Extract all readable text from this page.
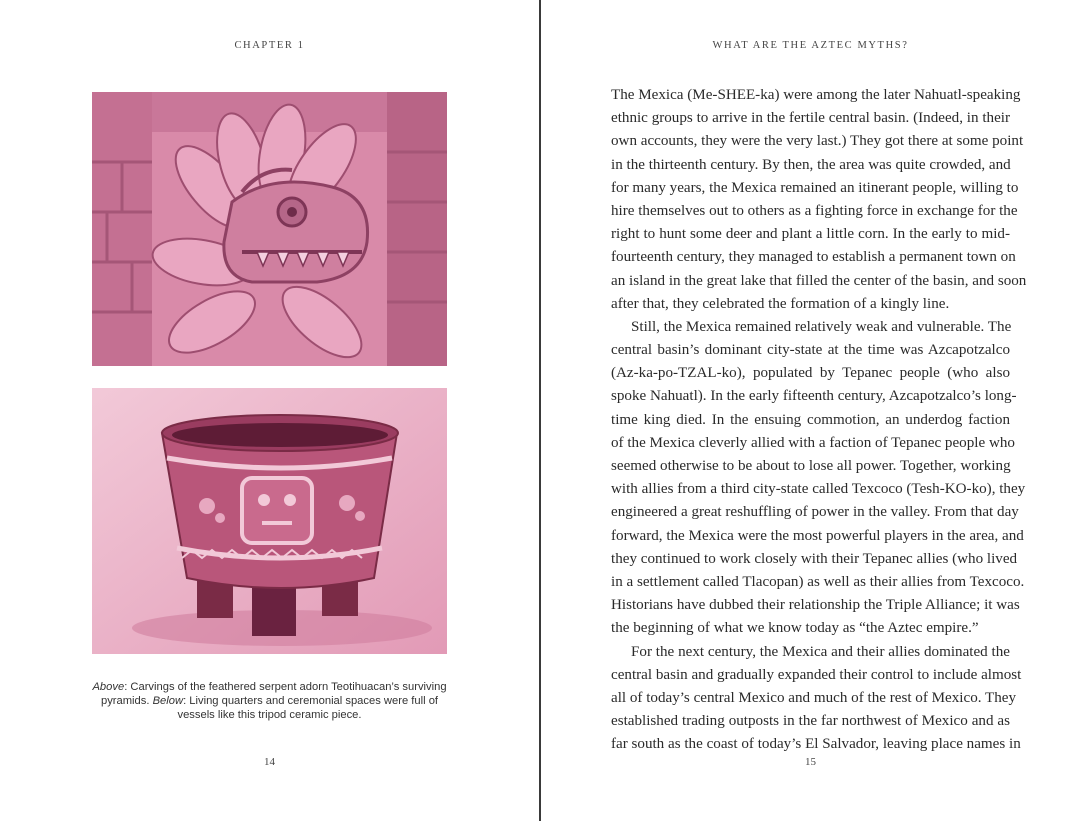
CHAPTER 1
Above: Carvings of the feathered serpent adorn Teotihuacan’s surviving pyramids. Below: Living quarters and ceremonial spaces were full of vessels like this tripod ceramic piece.
14
WHAT ARE THE AZTEC MYTHS?
The Mexica (Me-SHEE-ka) were among the later Nahuatl-speaking
ethnic groups to arrive in the fertile central basin. (Indeed, in their
own accounts, they were the very last.) They got there at some point
in the thirteenth century. By then, the area was quite crowded, and
for many years, the Mexica remained an itinerant people, willing to
hire themselves out to others as a fighting force in exchange for the
right to hunt some deer and plant a little corn. In the early to mid-
fourteenth century, they managed to establish a permanent town on
an island in the great lake that filled the center of the basin, and soon
after that, they celebrated the formation of a kingly line.
Still, the Mexica remained relatively weak and vulnerable. The
central basin’s dominant city-state at the time was Azcapotzalco
(Az-ka-po-TZAL-ko), populated by Tepanec people (who also
spoke Nahuatl). In the early fifteenth century, Azcapotzalco’s long-
time king died. In the ensuing commotion, an underdog faction
of the Mexica cleverly allied with a faction of Tepanec people who
seemed otherwise to be about to lose all power. Together, working
with allies from a third city-state called Texcoco (Tesh-KO-ko), they
engineered a great reshuffling of power in the valley. From that day
forward, the Mexica were the most powerful players in the area, and
they continued to work closely with their Tepanec allies (who lived
in a settlement called Tlacopan) as well as their allies from Texcoco.
Historians have dubbed their relationship the Triple Alliance; it was
the beginning of what we know today as “the Aztec empire.”
For the next century, the Mexica and their allies dominated the
central basin and gradually expanded their control to include almost
all of today’s central Mexico and much of the rest of Mexico. They
established trading outposts in the far northwest of Mexico and as
far south as the coast of today’s El Salvador, leaving place names in
15
